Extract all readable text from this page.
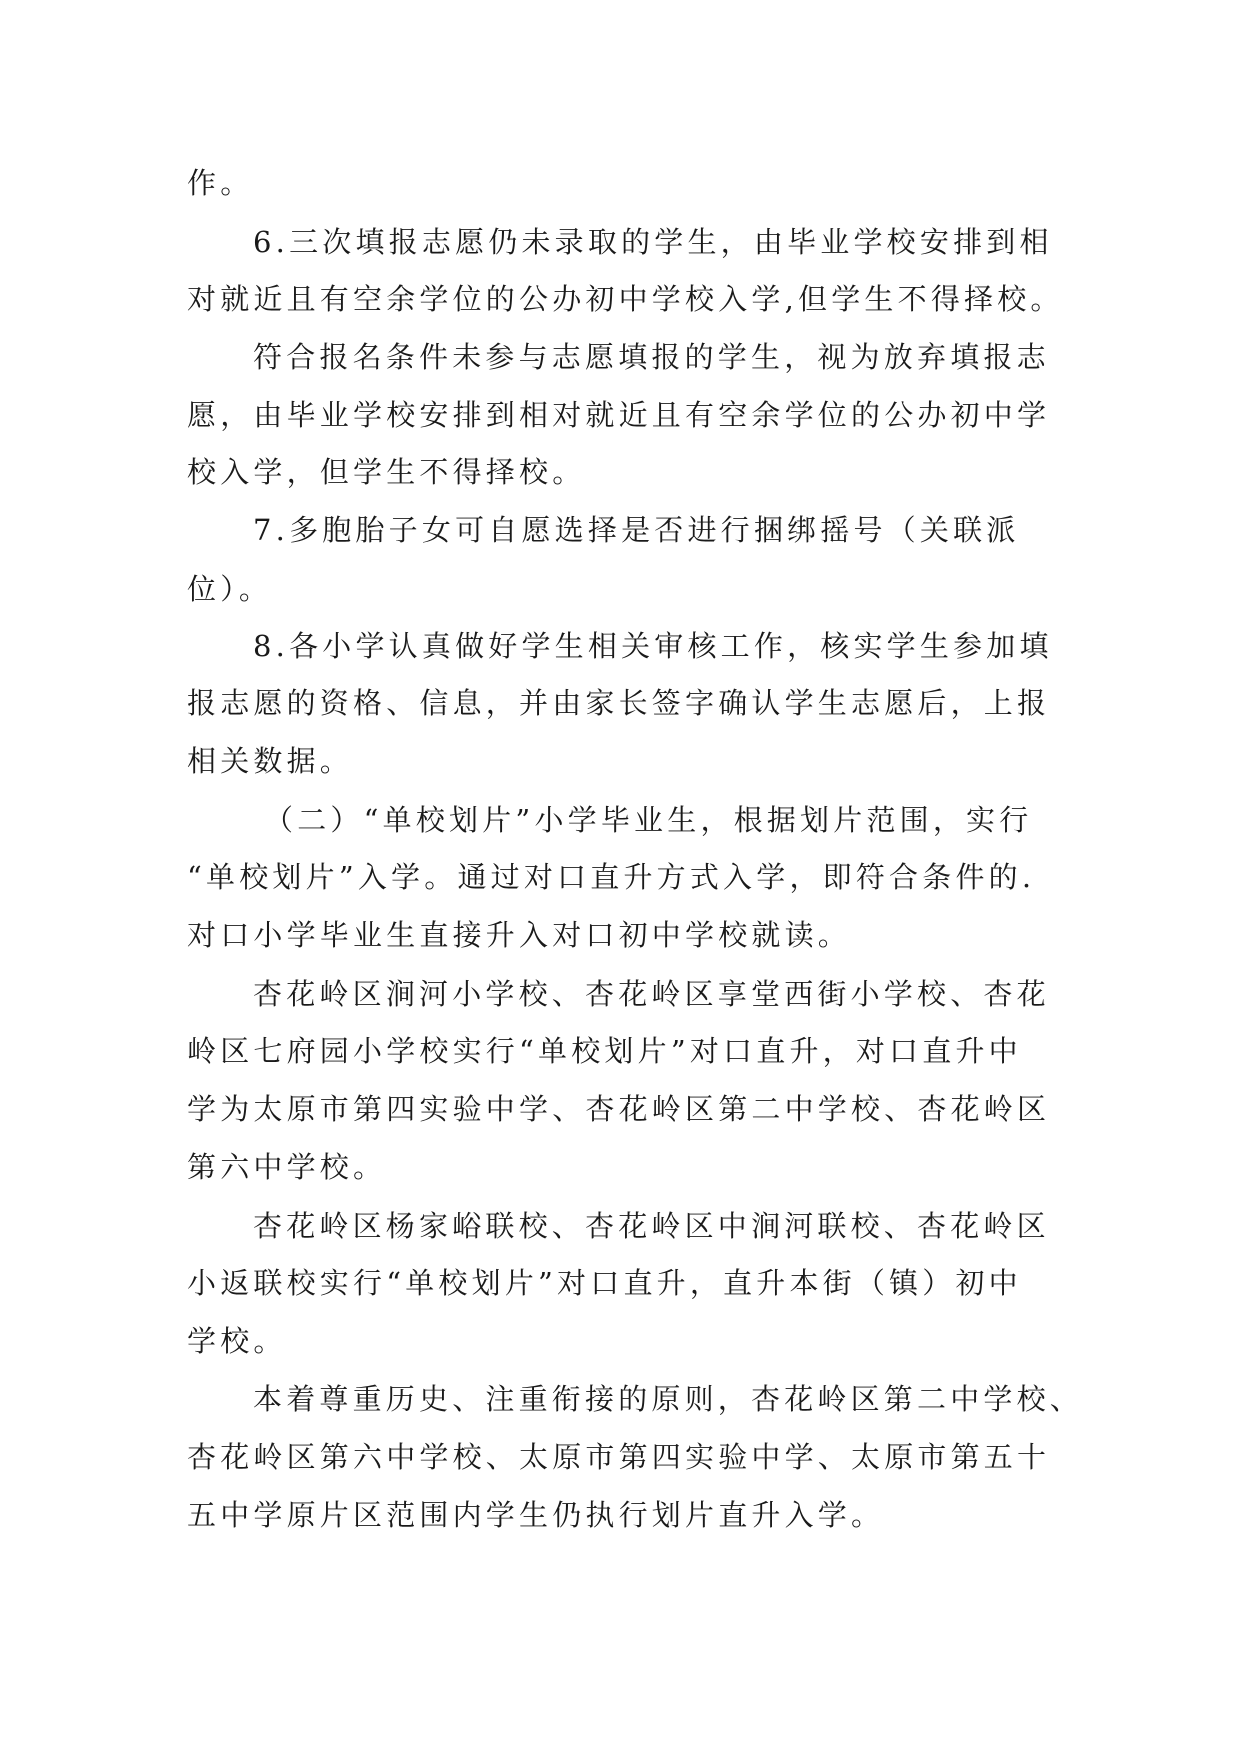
作。
6.三次填报志愿仍未录取的学生，由毕业学校安排到相
对就近且有空余学位的公办初中学校入学,但学生不得择校。
符合报名条件未参与志愿填报的学生，视为放弃填报志
愿，由毕业学校安排到相对就近且有空余学位的公办初中学
校入学，但学生不得择校。
7.多胞胎子女可自愿选择是否进行捆绑摇号（关联派
位）。
8.各小学认真做好学生相关审核工作，核实学生参加填
报志愿的资格、信息，并由家长签字确认学生志愿后，上报
相关数据。
（二）“单校划片”小学毕业生，根据划片范围，实行
“单校划片”入学。通过对口直升方式入学，即符合条件的.
对口小学毕业生直接升入对口初中学校就读。
杏花岭区涧河小学校、杏花岭区享堂西街小学校、杏花
岭区七府园小学校实行“单校划片”对口直升，对口直升中
学为太原市第四实验中学、杏花岭区第二中学校、杏花岭区
第六中学校。
杏花岭区杨家峪联校、杏花岭区中涧河联校、杏花岭区
小返联校实行“单校划片”对口直升，直升本街（镇）初中
学校。
本着尊重历史、注重衔接的原则，杏花岭区第二中学校、
杏花岭区第六中学校、太原市第四实验中学、太原市第五十
五中学原片区范围内学生仍执行划片直升入学。
